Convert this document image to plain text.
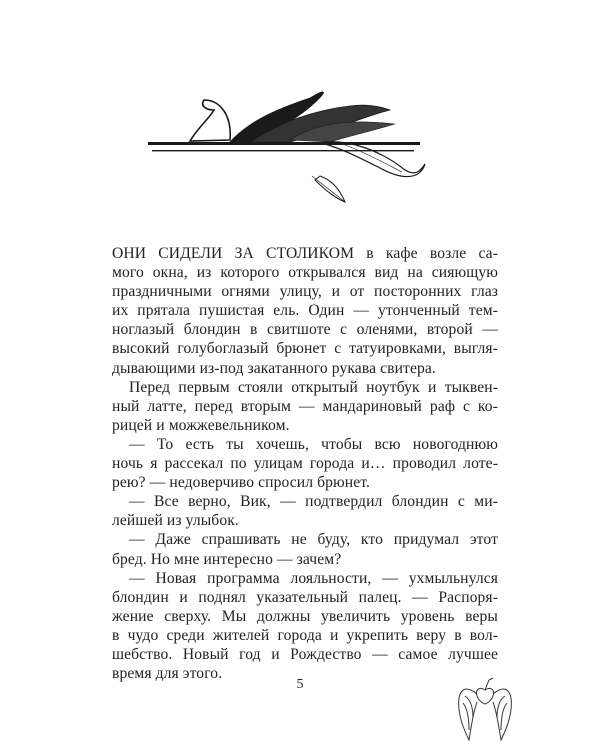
ОНИ СИДЕЛИ ЗА СТОЛИКОМ в кафе возле са-
мого окна, из которого открывался вид на сияющую
праздничными огнями улицу, и от посторонних глаз
их прятала пушистая ель. Один — утонченный тем-
ноглазый блондин в свитшоте с оленями, второй —
высокий голубоглазый брюнет с татуировками, выгля-
дывающими из-под закатанного рукава свитера.
Перед первым стояли открытый ноутбук и тыквен-
ный латте, перед вторым — мандариновый раф с ко-
рицей и можжевельником.
— То есть ты хочешь, чтобы всю новогоднюю
ночь я рассекал по улицам города и… проводил лоте-
рею? — недоверчиво спросил брюнет.
— Все верно, Вик, — подтвердил блондин с ми-
лейшей из улыбок.
— Даже спрашивать не буду, кто придумал этот
бред. Но мне интересно — зачем?
— Новая программа лояльности, — ухмыльнулся
блондин и поднял указательный палец. — Распоря-
жение сверху. Мы должны увеличить уровень веры
в чудо среди жителей города и укрепить веру в вол-
шебство. Новый год и Рождество — самое лучшее
время для этого.
5
